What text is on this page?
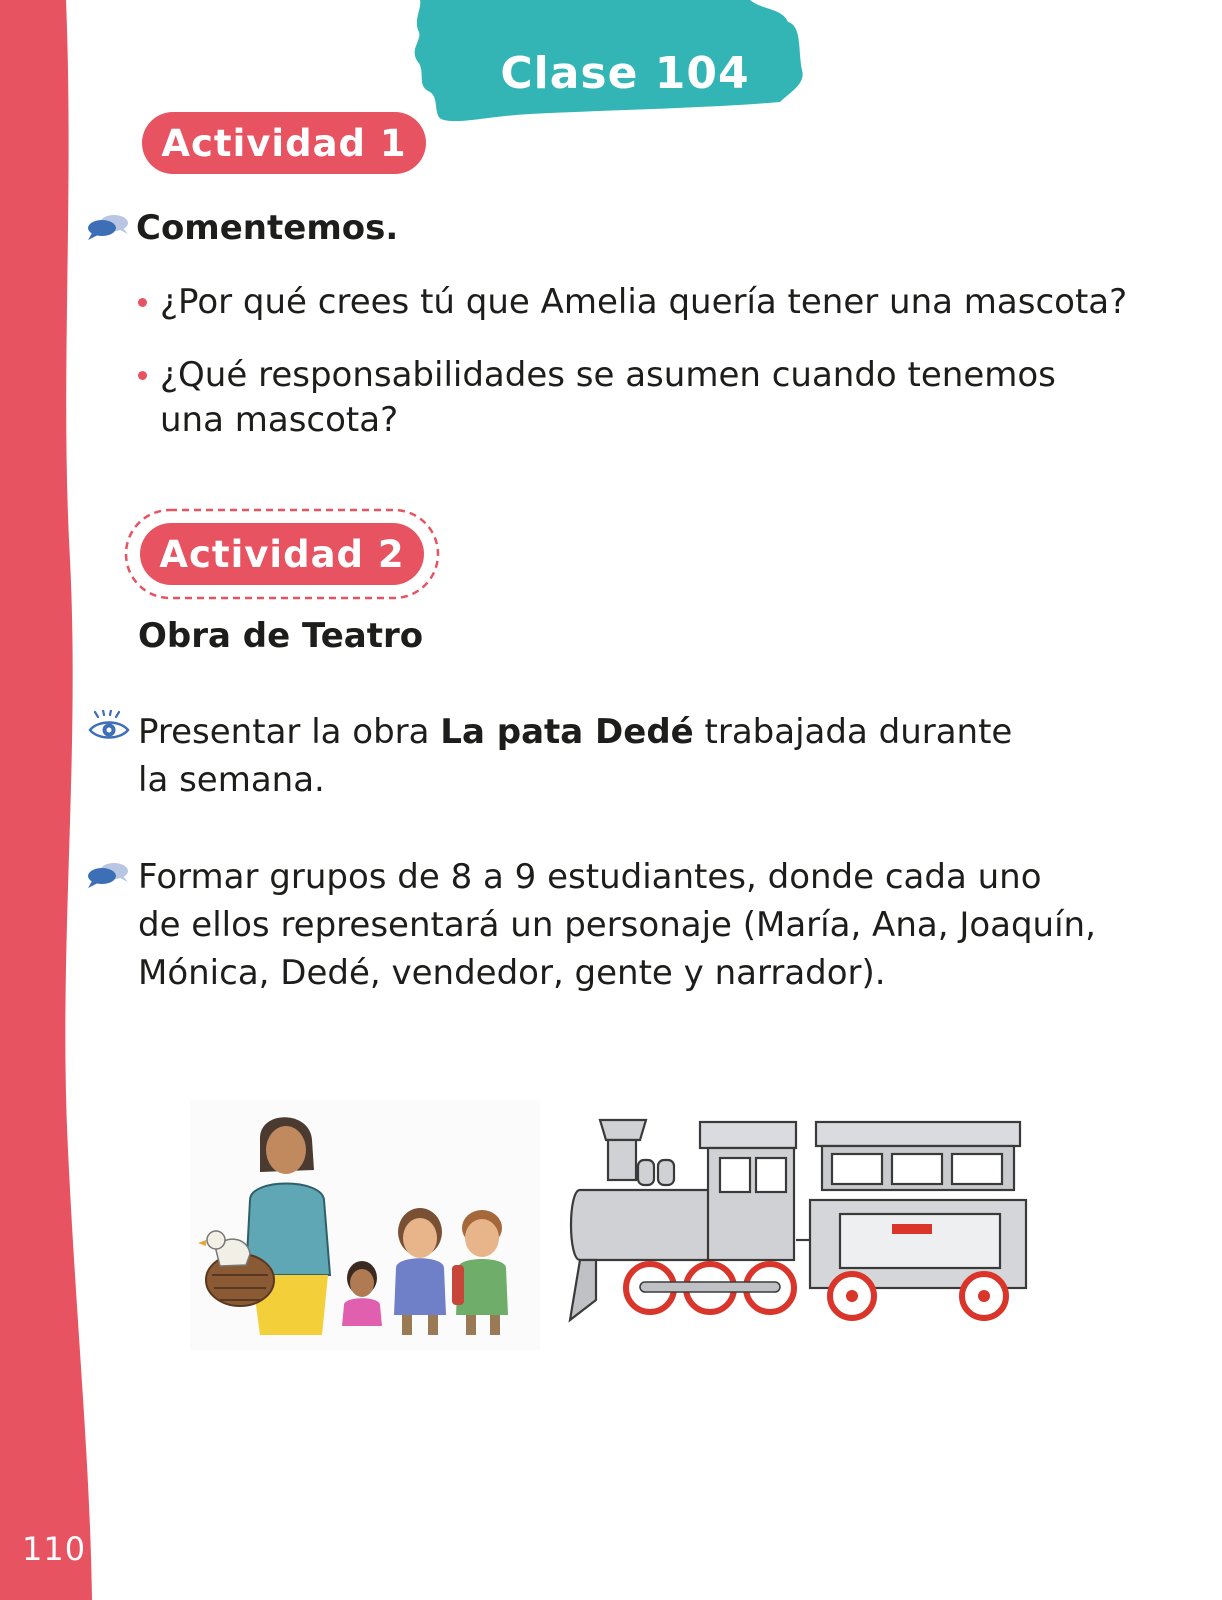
110
Clase 104
Actividad 1
Comentemos.
¿Por qué crees tú que Amelia quería tener una mascota?
¿Qué responsabilidades se asumen cuando tenemos
una mascota?
Actividad 2
Obra de Teatro
Presentar la obra La pata Dedé trabajada durante
la semana.
Formar grupos de 8 a 9 estudiantes, donde cada uno
de ellos representará un personaje (María, Ana, Joaquín,
Mónica, Dedé, vendedor, gente y narrador).
